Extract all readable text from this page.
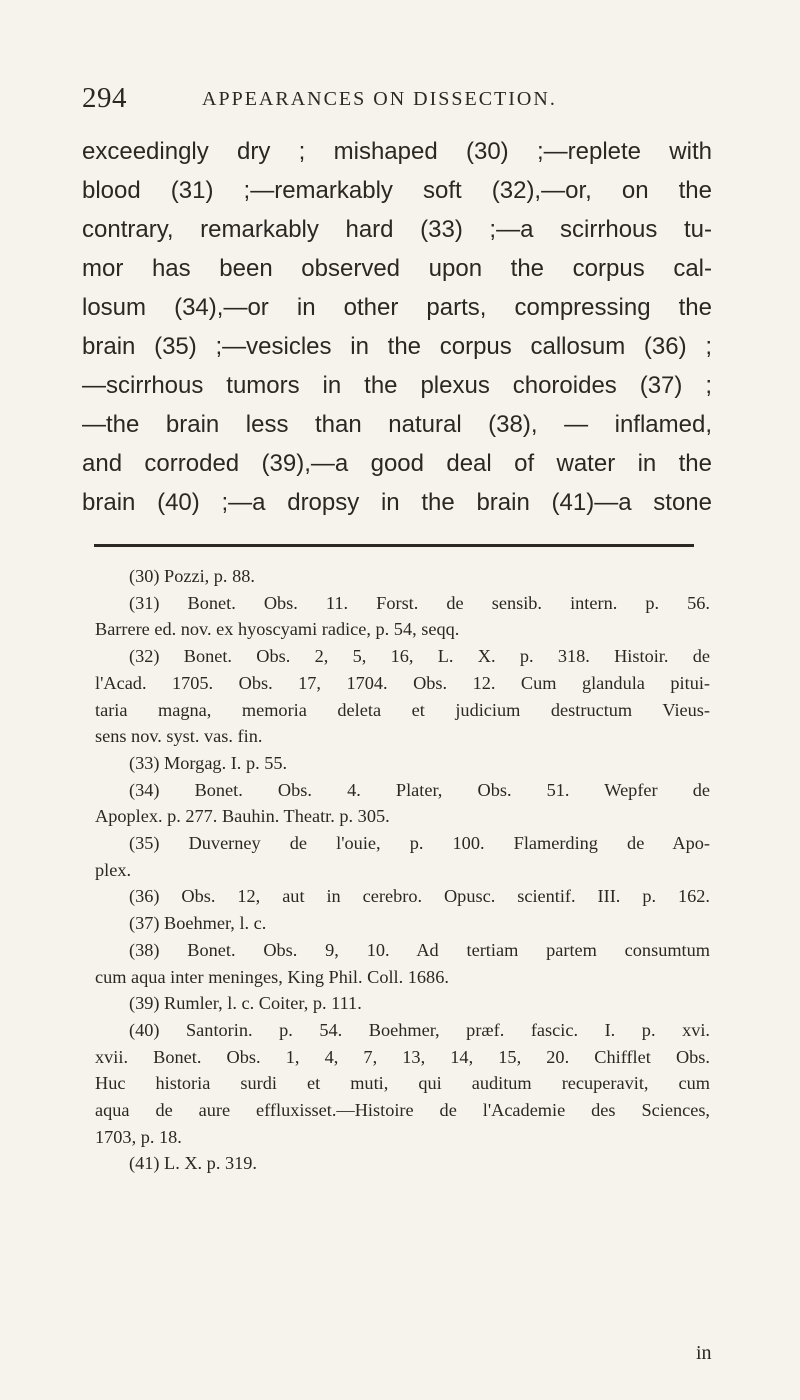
294	APPEARANCES ON DISSECTION.
exceedingly dry ; mishaped (30) ;—replete with
blood (31) ;—remarkably soft (32),—or, on the
contrary, remarkably hard (33) ;—a scirrhous tu-
mor has been observed upon the corpus cal-
losum (34),—or in other parts, compressing the
brain (35) ;—vesicles in the corpus callosum (36) ;
—scirrhous tumors in the plexus choroides (37) ;
—the brain less than natural (38), — inflamed,
and corroded (39),—a good deal of water in the
brain (40) ;—a dropsy in the brain (41)—a stone
(30) Pozzi, p. 88.
(31) Bonet. Obs. 11. Forst. de sensib. intern. p. 56.
Barrere ed. nov. ex hyoscyami radice, p. 54, seqq.
(32) Bonet. Obs. 2, 5, 16, L. X. p. 318. Histoir. de
l'Acad. 1705. Obs. 17, 1704. Obs. 12. Cum glandula pitui-
taria magna, memoria deleta et judicium destructum Vieus-
sens nov. syst. vas. fin.
(33) Morgag. I. p. 55.
(34) Bonet. Obs. 4. Plater, Obs. 51. Wepfer de
Apoplex. p. 277. Bauhin. Theatr. p. 305.
(35) Duverney de l'ouie, p. 100. Flamerding de Apo-
plex.
(36) Obs. 12, aut in cerebro. Opusc. scientif. III. p. 162.
(37) Boehmer, l. c.
(38) Bonet. Obs. 9, 10. Ad tertiam partem consumtum
cum aqua inter meninges, King Phil. Coll. 1686.
(39) Rumler, l. c. Coiter, p. 111.
(40) Santorin. p. 54. Boehmer, præf. fascic. I. p. xvi.
xvii. Bonet. Obs. 1, 4, 7, 13, 14, 15, 20. Chifflet Obs.
Huc historia surdi et muti, qui auditum recuperavit, cum
aqua de aure effluxisset.—Histoire de l'Academie des Sciences,
1703, p. 18.
(41) L. X. p. 319.
in
